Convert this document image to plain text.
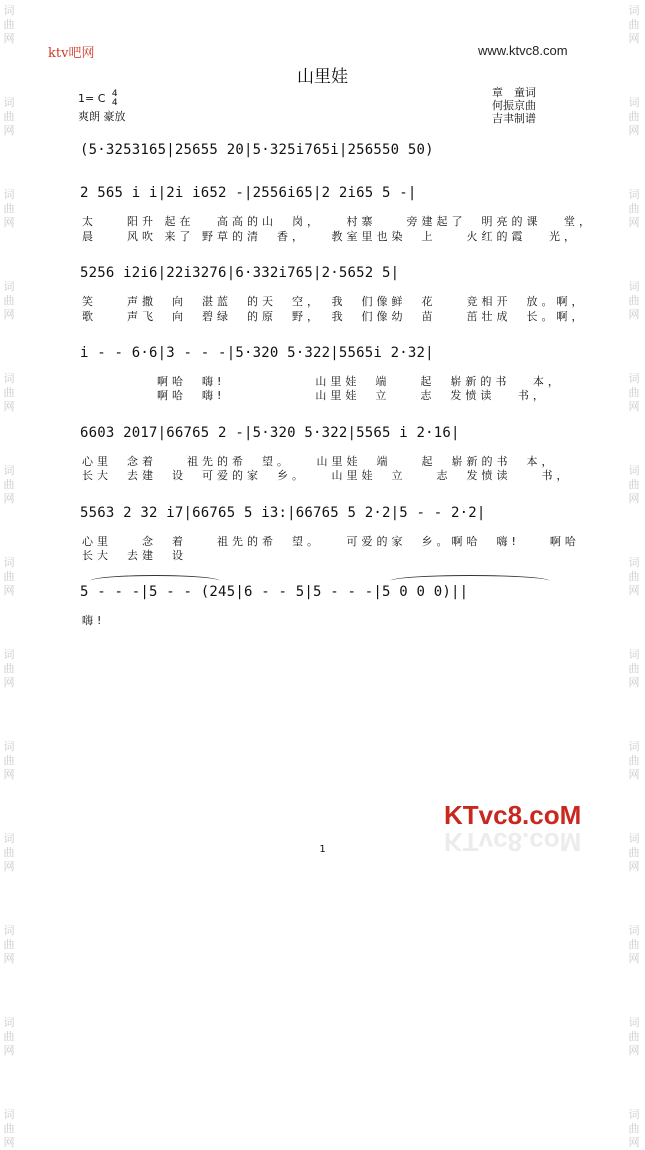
词曲网
词曲网
词曲网
词曲网
词曲网
词曲网
词曲网
词曲网
词曲网
词曲网
词曲网
词曲网
词曲网
词曲网
词曲网
词曲网
词曲网
词曲网
词曲网
词曲网
词曲网
词曲网
词曲网
词曲网
词曲网
词曲网
ktv吧网	www.ktvc8.com
山里娃
1= C 4
4
爽朗 豪放
章　童词
何振京曲
吉聿制谱
(5·3253165|25655 20|5·325i765i|256550 50)
2 565 i i|2i i652 -|2556i65|2 2i65 5 -|
太　　阳升 起在　 高高的山　岗，　　村寨　　旁建起了　明亮的课　 堂，
晨　　风吹 来了 野草的清　香，　　教室里也染　上　　火红的霞　 光，
5256 i2i6|22i3276|6·332i765|2·5652 5|
笑　　声撒　向　湛蓝　的天　空，　我　们像鲜　花　　竞相开　放。啊，
歌　　声飞　向　碧绿　的原　野，　我　们像幼　苗　　茁壮成　长。啊，
i - - 6·6|3 - - -|5·320 5·322|5565i 2·32|
　　　　　啊哈　嗨!　　　　　　山里娃　端　　起　崭新的书　 本，
　　　　　啊哈　嗨!　　　　　　山里娃　立　　志　发愤读　 书，
6603 2017|66765 2 -|5·320 5·322|5565 i 2·16|
心里　念着　　祖先的希　望。　　山里娃　端　　起　崭新的书　本，
长大　去建　设　可爱的家　乡。　　山里娃　立　　志　发愤读　　书，
5563 2 32 i7|66765 5 i3:|66765 5 2·2|5 - - 2·2|
心里　　念　着　　祖先的希　望。　　可爱的家　乡。啊哈　嗨!　　啊哈
长大　去建　设
5 - - -|5 - - (245|6 - - 5|5 - - -|5 0 0 0)||
嗨!
KTvc8.coM
KTvc8.coM
1
